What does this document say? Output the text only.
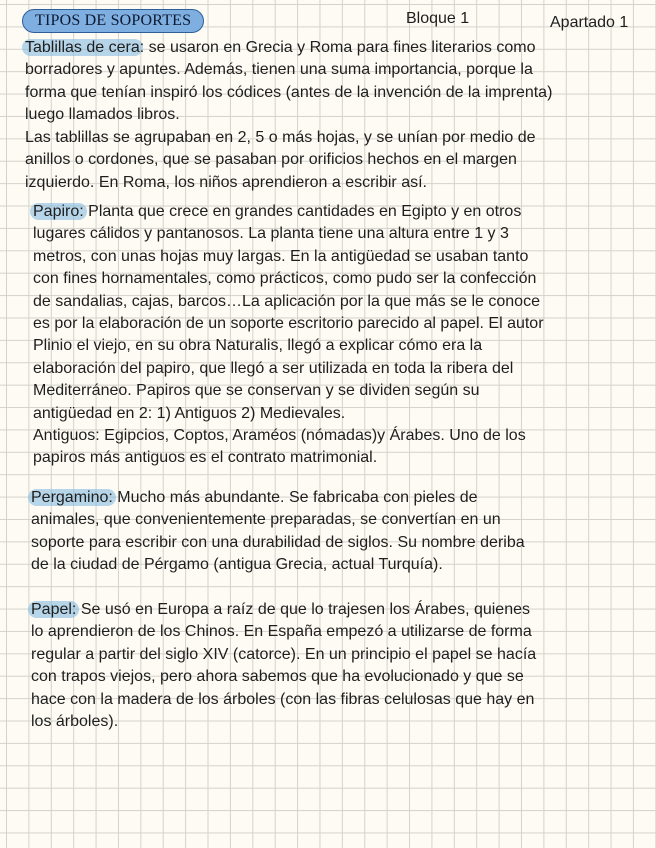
TIPOS DE SOPORTES	Bloque 1	Apartado 1

Tablillas de cera: se usaron en Grecia y Roma para fines literarios como
borradores y apuntes. Además, tienen una suma importancia, porque la
forma que tenían inspiró los códices (antes de la invención de la imprenta)
luego llamados libros.

Las tablillas se agrupaban en 2, 5 o más hojas, y se unían por medio de
anillos o cordones, que se pasaban por orificios hechos en el margen
izquierdo. En Roma, los niños aprendieron a escribir así.

Papiro: Planta que crece en grandes cantidades en Egipto y en otros
lugares cálidos y pantanosos. La planta tiene una altura entre 1 y 3
metros, con unas hojas muy largas. En la antigüedad se usaban tanto
con fines hornamentales, como prácticos, como pudo ser la confección
de sandalias, cajas, barcos…La aplicación por la que más se le conoce
es por la elaboración de un soporte escritorio parecido al papel. El autor
Plinio el viejo, en su obra Naturalis, llegó a explicar cómo era la
elaboración del papiro, que llegó a ser utilizada en toda la ribera del
Mediterráneo. Papiros que se conservan y se dividen según su
antigüedad en 2: 1) Antiguos 2) Medievales.

Antiguos: Egipcios, Coptos, Araméos (nómadas)y Árabes. Uno de los
papiros más antiguos es el contrato matrimonial.

Pergamino: Mucho más abundante. Se fabricaba con pieles de
animales, que convenientemente preparadas, se convertían en un
soporte para escribir con una durabilidad de siglos. Su nombre deriba
de la ciudad de Pérgamo (antigua Grecia, actual Turquía).

Papel: Se usó en Europa a raíz de que lo trajesen los Árabes, quienes
lo aprendieron de los Chinos. En España empezó a utilizarse de forma
regular a partir del siglo XIV (catorce). En un principio el papel se hacía
con trapos viejos, pero ahora sabemos que ha evolucionado y que se
hace con la madera de los árboles (con las fibras celulosas que hay en
los árboles).
